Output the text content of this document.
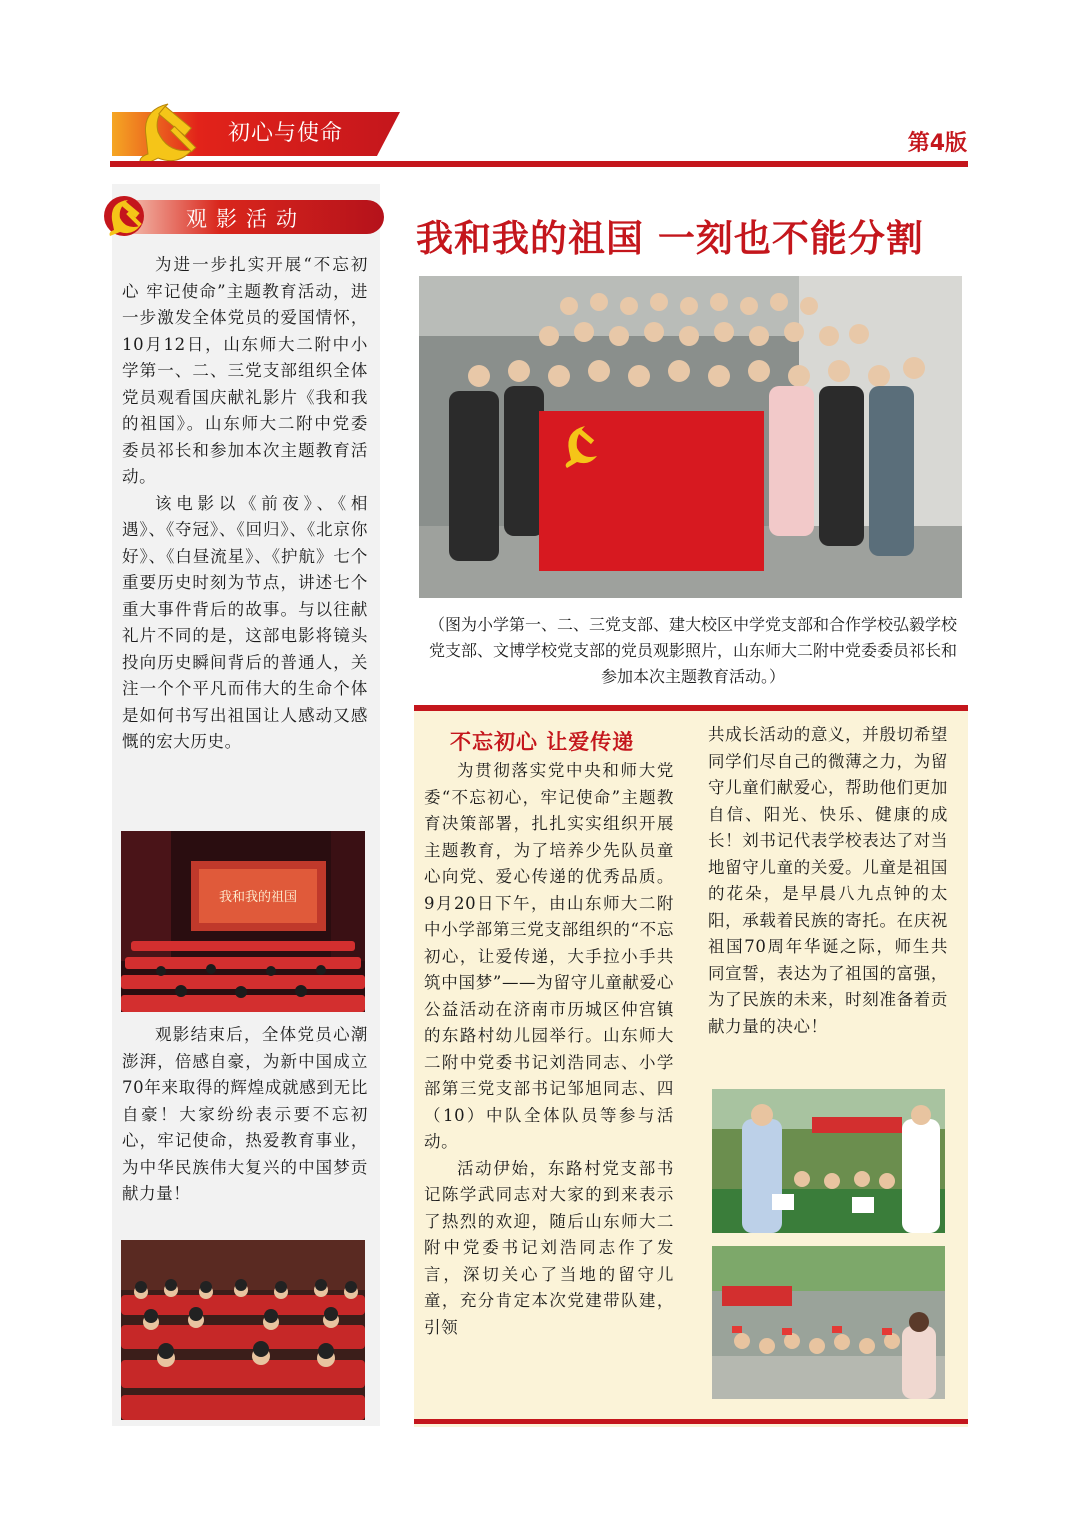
初心与使命	第4版
观影活动

为进一步扎实开展“不忘初心 牢记使命”主题教育活动，进一步激发全体党员的爱国情怀，10月12日，山东师大二附中小学第一、二、三党支部组织全体党员观看国庆献礼影片《我和我的祖国》。山东师大二附中党委委员祁长和参加本次主题教育活动。

该电影以《前夜》、《相遇》、《夺冠》、《回归》、《北京你好》、《白昼流星》、《护航》七个重要历史时刻为节点，讲述七个重大事件背后的故事。与以往献礼片不同的是，这部电影将镜头投向历史瞬间背后的普通人，关注一个个平凡而伟大的生命个体是如何书写出祖国让人感动又感慨的宏大历史。

我和我的祖国

观影结束后，全体党员心潮澎湃，倍感自豪，为新中国成立70年来取得的辉煌成就感到无比自豪！大家纷纷表示要不忘初心，牢记使命，热爱教育事业，为中华民族伟大复兴的中国梦贡献力量！

我和我的祖国 一刻也不能分割

（图为小学第一、二、三党支部、建大校区中学党支部和合作学校弘毅学校党支部、文博学校党支部的党员观影照片，山东师大二附中党委委员祁长和参加本次主题教育活动。）

不忘初心 让爱传递

为贯彻落实党中央和师大党委“不忘初心，牢记使命”主题教育决策部署，扎扎实实组织开展主题教育，为了培养少先队员童心向党、爱心传递的优秀品质。9月20日下午，由山东师大二附中小学部第三党支部组织的“不忘初心，让爱传递，大手拉小手共筑中国梦”——为留守儿童献爱心公益活动在济南市历城区仲宫镇的东路村幼儿园举行。山东师大二附中党委书记刘浩同志、小学部第三党支部书记邹旭同志、四（10）中队全体队员等参与活动。

活动伊始，东路村党支部书记陈学武同志对大家的到来表示了热烈的欢迎，随后山东师大二附中党委书记刘浩同志作了发言，深切关心了当地的留守儿童，充分肯定本次党建带队建，引领

共成长活动的意义，并殷切希望同学们尽自己的微薄之力，为留守儿童们献爱心，帮助他们更加自信、阳光、快乐、健康的成长！刘书记代表学校表达了对当地留守儿童的关爱。儿童是祖国的花朵，是早晨八九点钟的太阳，承载着民族的寄托。在庆祝祖国70周年华诞之际，师生共同宣誓，表达为了祖国的富强，为了民族的未来，时刻准备着贡献力量的决心！
